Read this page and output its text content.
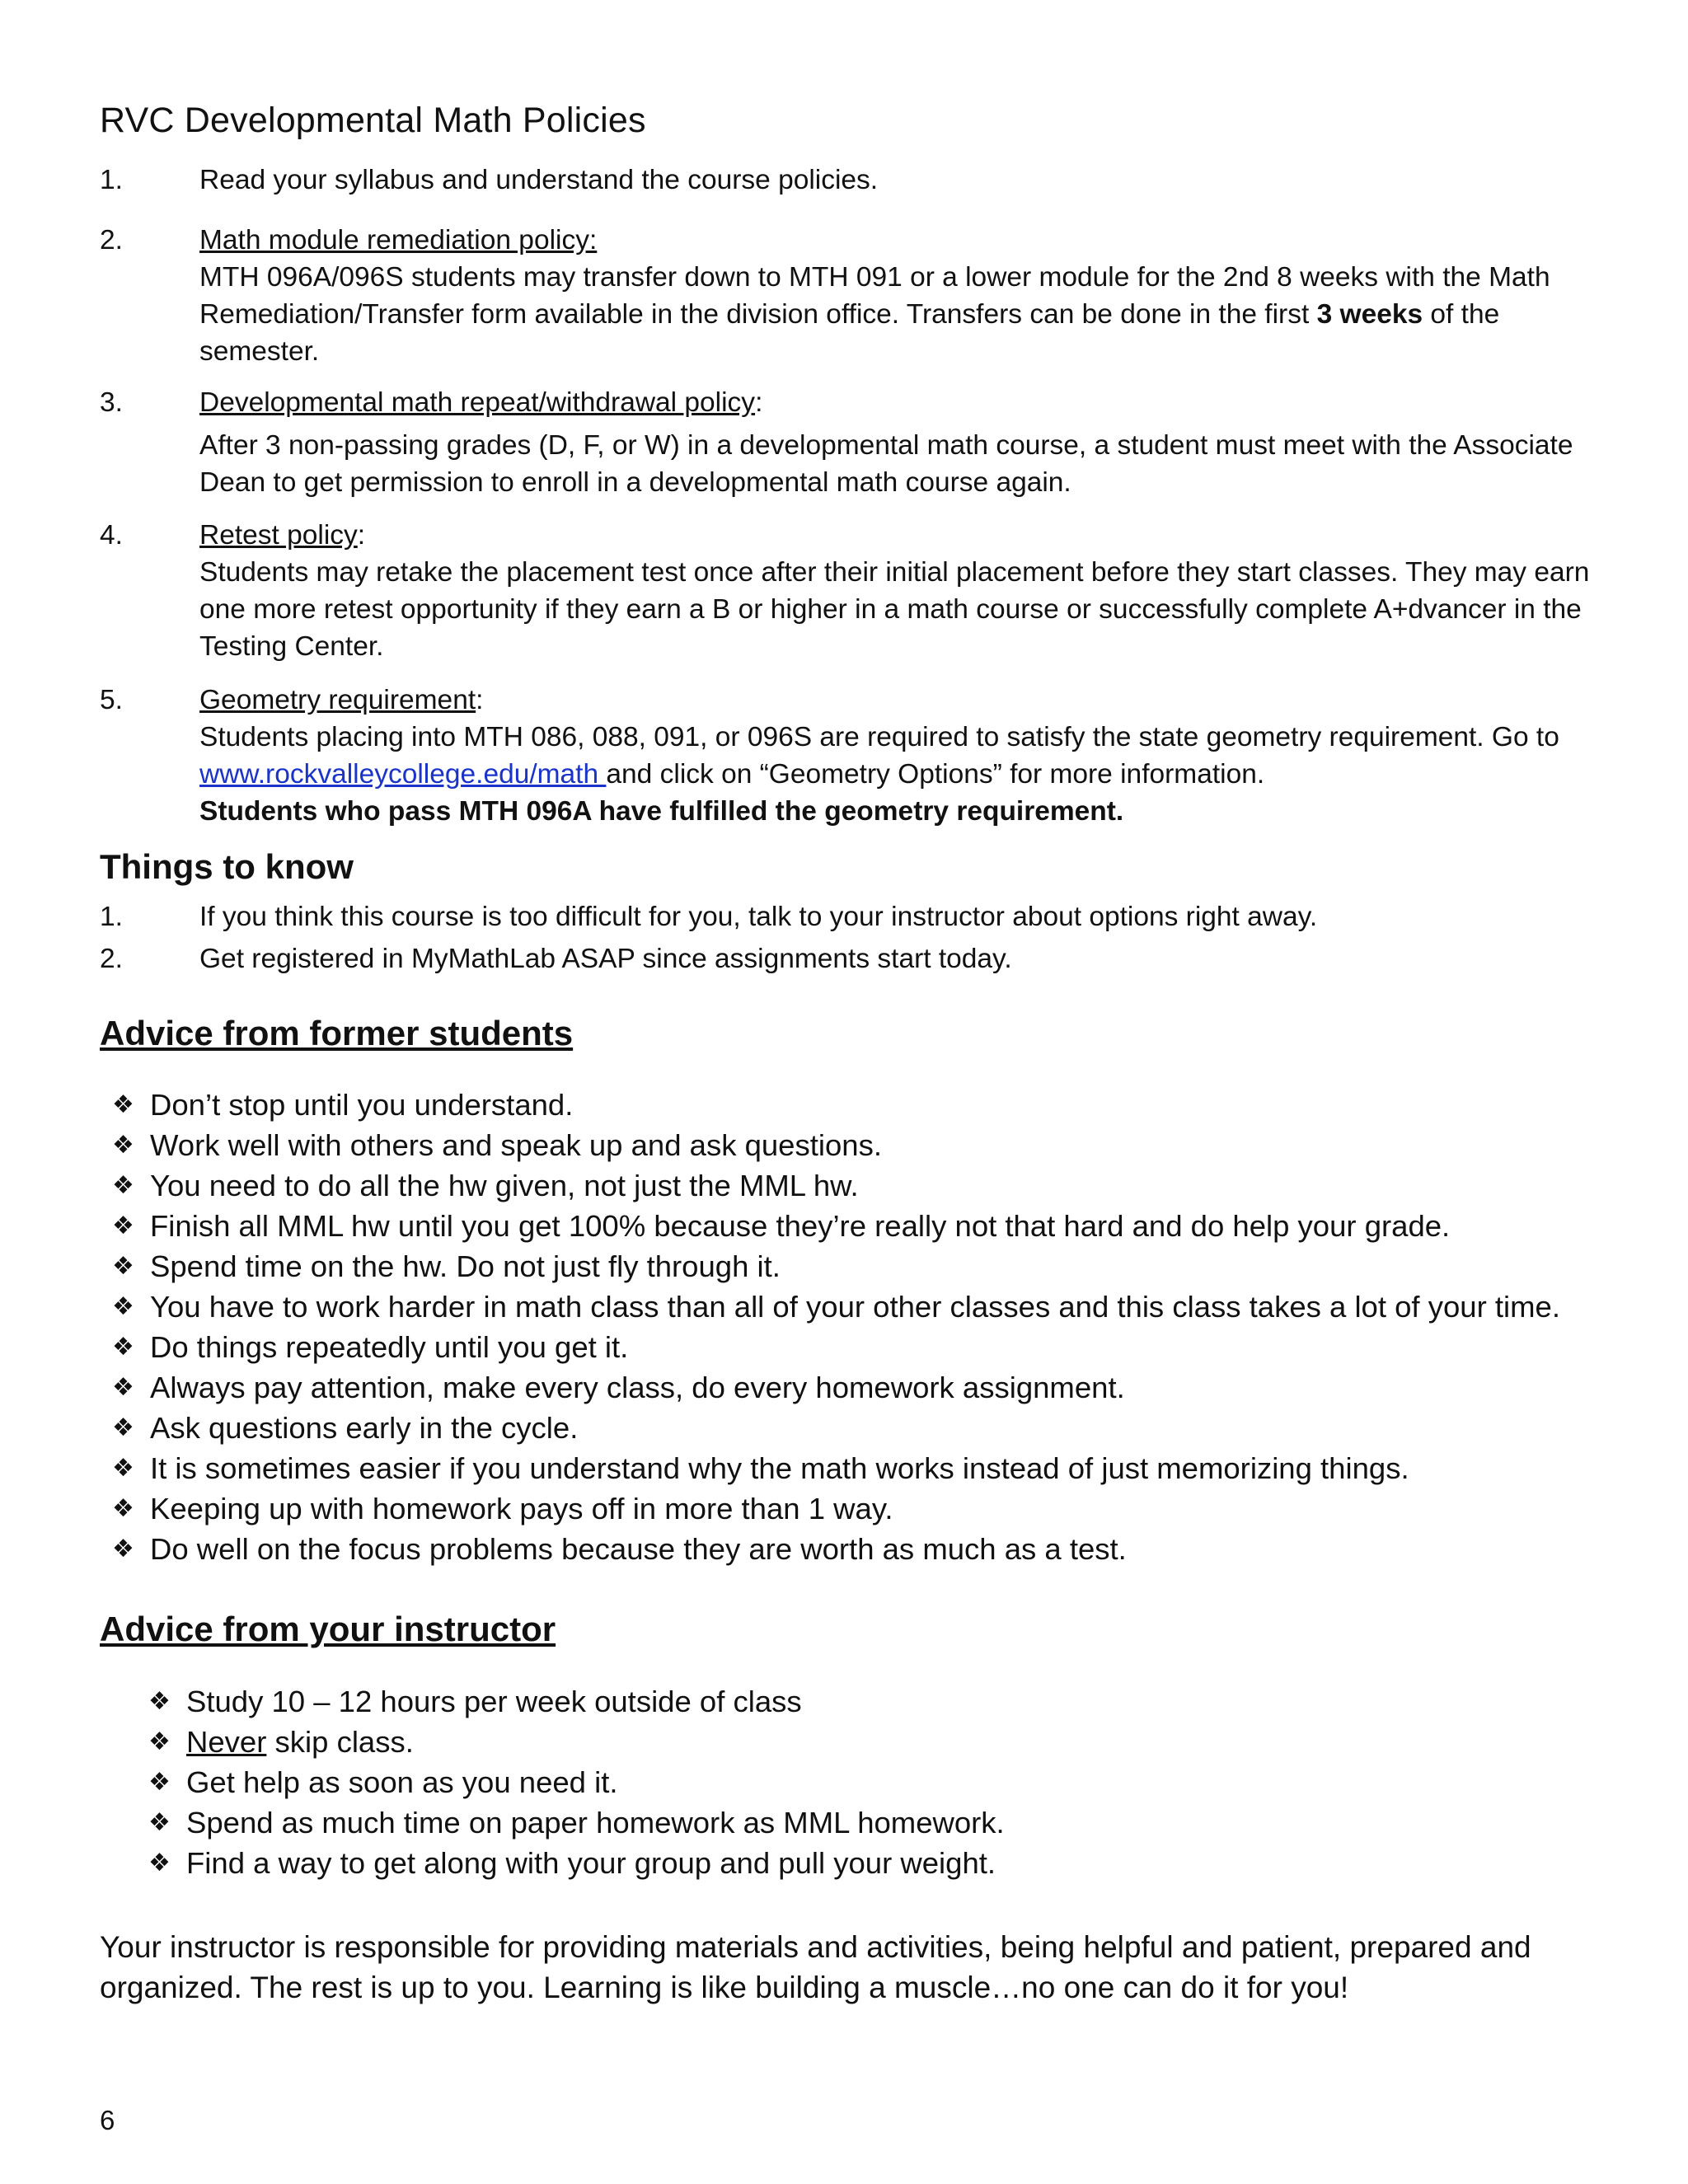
RVC Developmental Math Policies
1.	Read your syllabus and understand the course policies.
2.	Math module remediation policy:
MTH 096A/096S students may transfer down to MTH 091 or a lower module for the 2nd 8 weeks with the Math Remediation/Transfer form available in the division office. Transfers can be done in the first 3 weeks of the semester.
3.	Developmental math repeat/withdrawal policy:
After 3 non-passing grades (D, F, or W) in a developmental math course, a student must meet with the Associate Dean to get permission to enroll in a developmental math course again.
4.	Retest policy:
Students may retake the placement test once after their initial placement before they start classes. They may earn one more retest opportunity if they earn a B or higher in a math course or successfully complete A+dvancer in the Testing Center.
5.	Geometry requirement:
Students placing into MTH 086, 088, 091, or 096S are required to satisfy the state geometry requirement. Go to www.rockvalleycollege.edu/math and click on “Geometry Options” for more information.
Students who pass MTH 096A have fulfilled the geometry requirement.
Things to know
1.	If you think this course is too difficult for you, talk to your instructor about options right away.
2.	Get registered in MyMathLab ASAP since assignments start today.
Advice from former students
❖ Don’t stop until you understand.
❖ Work well with others and speak up and ask questions.
❖ You need to do all the hw given, not just the MML hw.
❖ Finish all MML hw until you get 100% because they’re really not that hard and do help your grade.
❖ Spend time on the hw. Do not just fly through it.
❖ You have to work harder in math class than all of your other classes and this class takes a lot of your time.
❖ Do things repeatedly until you get it.
❖ Always pay attention, make every class, do every homework assignment.
❖ Ask questions early in the cycle.
❖ It is sometimes easier if you understand why the math works instead of just memorizing things.
❖ Keeping up with homework pays off in more than 1 way.
❖ Do well on the focus problems because they are worth as much as a test.
Advice from your instructor
❖ Study 10 – 12 hours per week outside of class
❖ Never skip class.
❖ Get help as soon as you need it.
❖ Spend as much time on paper homework as MML homework.
❖ Find a way to get along with your group and pull your weight.

Your instructor is responsible for providing materials and activities, being helpful and patient, prepared and organized. The rest is up to you. Learning is like building a muscle…no one can do it for you!

6
